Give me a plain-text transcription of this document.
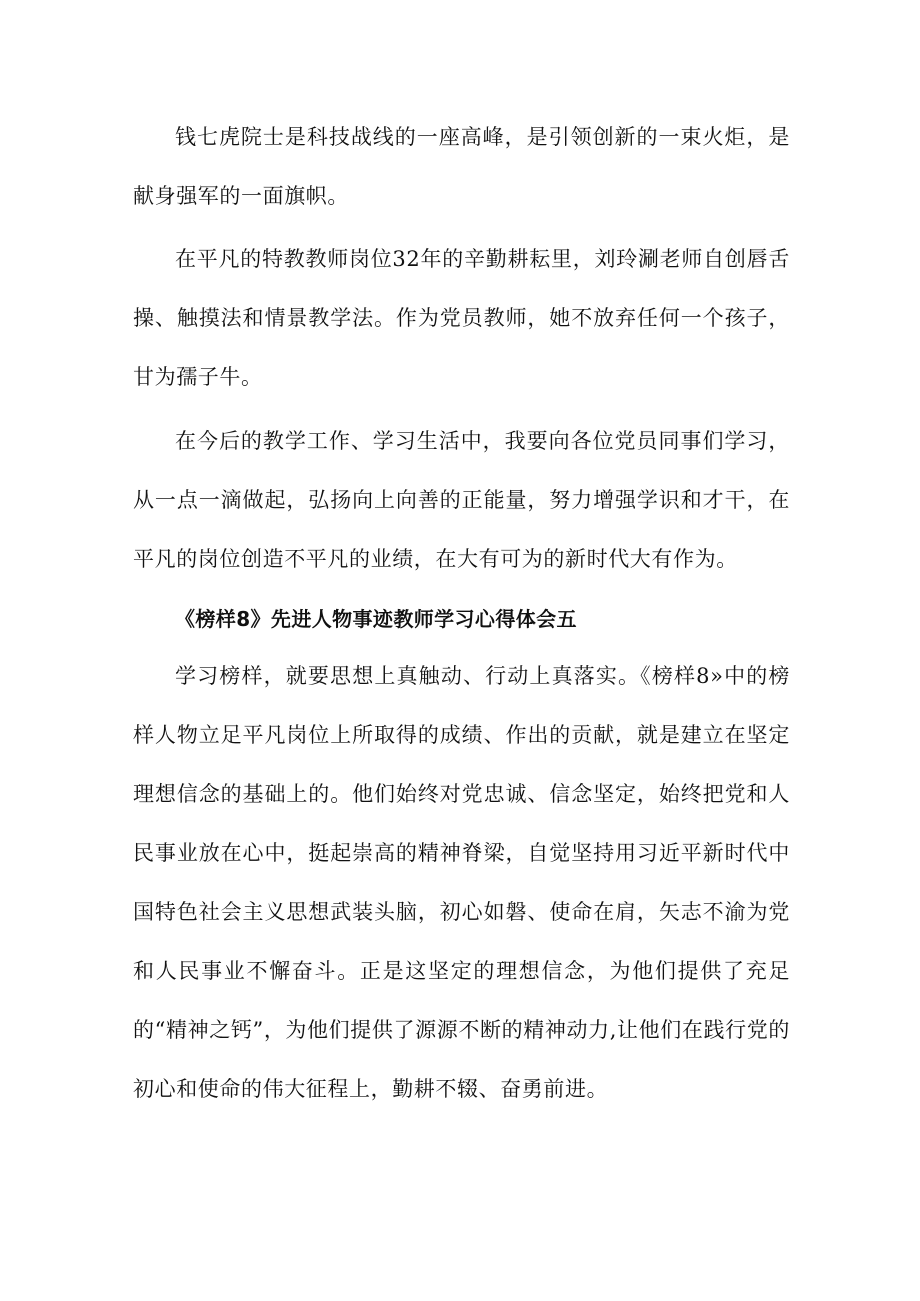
钱七虎院士是科技战线的一座高峰，是引领创新的一束火炬，是献身强军的一面旗帜。

在平凡的特教教师岗位32年的辛勤耕耘里，刘玲涮老师自创唇舌操、触摸法和情景教学法。作为党员教师，她不放弃任何一个孩子，甘为孺子牛。

在今后的教学工作、学习生活中，我要向各位党员同事们学习，从一点一滴做起，弘扬向上向善的正能量，努力增强学识和才干，在平凡的岗位创造不平凡的业绩，在大有可为的新时代大有作为。

《榜样8》先进人物事迹教师学习心得体会五

学习榜样，就要思想上真触动、行动上真落实。《榜样8»中的榜样人物立足平凡岗位上所取得的成绩、作出的贡献，就是建立在坚定理想信念的基础上的。他们始终对党忠诚、信念坚定，始终把党和人民事业放在心中，挺起崇高的精神脊梁，自觉坚持用习近平新时代中国特色社会主义思想武装头脑，初心如磐、使命在肩，矢志不渝为党和人民事业不懈奋斗。正是这坚定的理想信念，为他们提供了充足的“精神之钙”，为他们提供了源源不断的精神动力,让他们在践行党的初心和使命的伟大征程上，勤耕不辍、奋勇前进。
